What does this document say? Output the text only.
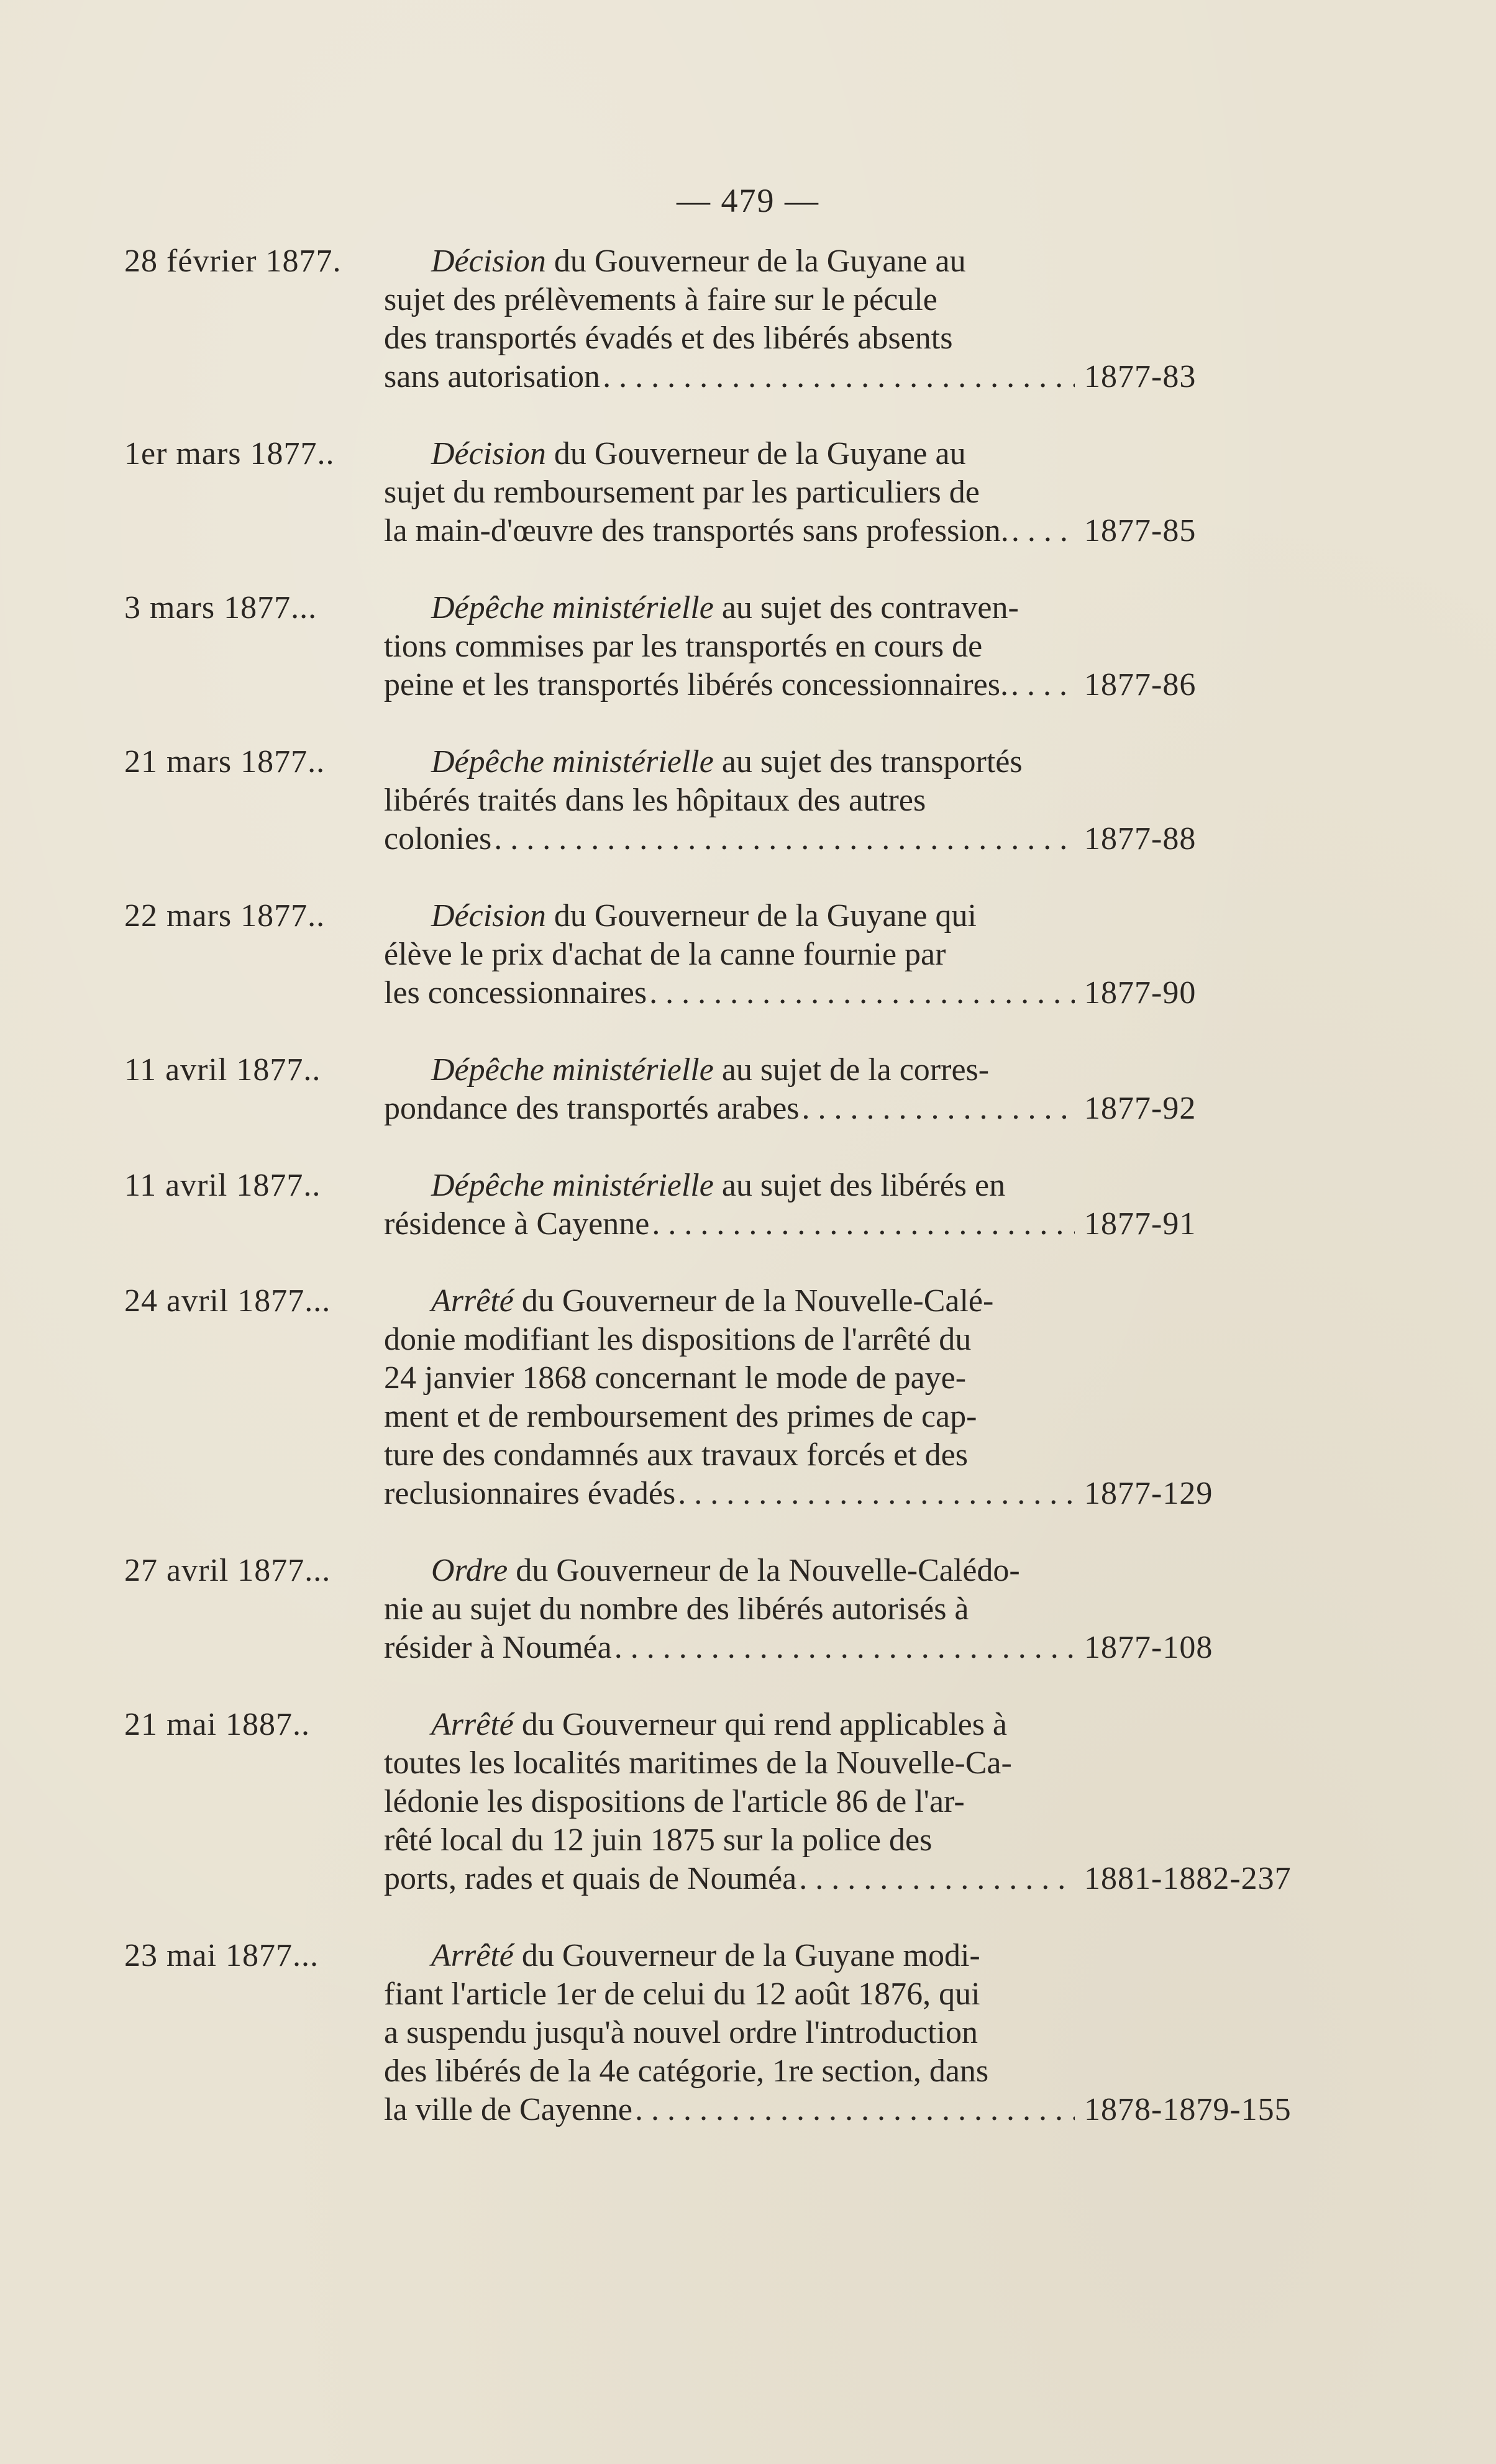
— 479 —
28 février 1877.	Décision du Gouverneur de la Guyane au
sujet des prélèvements à faire sur le pécule
des transportés évadés et des libérés absents
sans autorisation . . .	1877-83
1er mars 1877..	Décision du Gouverneur de la Guyane au
sujet du remboursement par les particuliers de
la main-d'œuvre des transportés sans profession. . . .	1877-85
3 mars 1877...	Dépêche ministérielle au sujet des contraven-
tions commises par les transportés en cours de
peine et les transportés libérés concessionnaires. . . .	1877-86
21 mars 1877..	Dépêche ministérielle au sujet des transportés
libérés traités dans les hôpitaux des autres
colonies . . .	1877-88
22 mars 1877..	Décision du Gouverneur de la Guyane qui
élève le prix d'achat de la canne fournie par
les concessionnaires . . .	1877-90
11 avril 1877..	Dépêche ministérielle au sujet de la corres-
pondance des transportés arabes . . .	1877-92
11 avril 1877..	Dépêche ministérielle au sujet des libérés en
résidence à Cayenne . . .	1877-91
24 avril 1877...	Arrêté du Gouverneur de la Nouvelle-Calé-
donie modifiant les dispositions de l'arrêté du
24 janvier 1868 concernant le mode de paye-
ment et de remboursement des primes de cap-
ture des condamnés aux travaux forcés et des
reclusionnaires évadés . . .	1877-129
27 avril 1877...	Ordre du Gouverneur de la Nouvelle-Calédo-
nie au sujet du nombre des libérés autorisés à
résider à Nouméa . . .	1877-108
21 mai 1887..	Arrêté du Gouverneur qui rend applicables à
toutes les localités maritimes de la Nouvelle-Ca-
lédonie les dispositions de l'article 86 de l'ar-
rêté local du 12 juin 1875 sur la police des
ports, rades et quais de Nouméa . . .	1881-1882-237
23 mai 1877...	Arrêté du Gouverneur de la Guyane modi-
fiant l'article 1er de celui du 12 août 1876, qui
a suspendu jusqu'à nouvel ordre l'introduction
des libérés de la 4e catégorie, 1re section, dans
la ville de Cayenne . . .	1878-1879-155
